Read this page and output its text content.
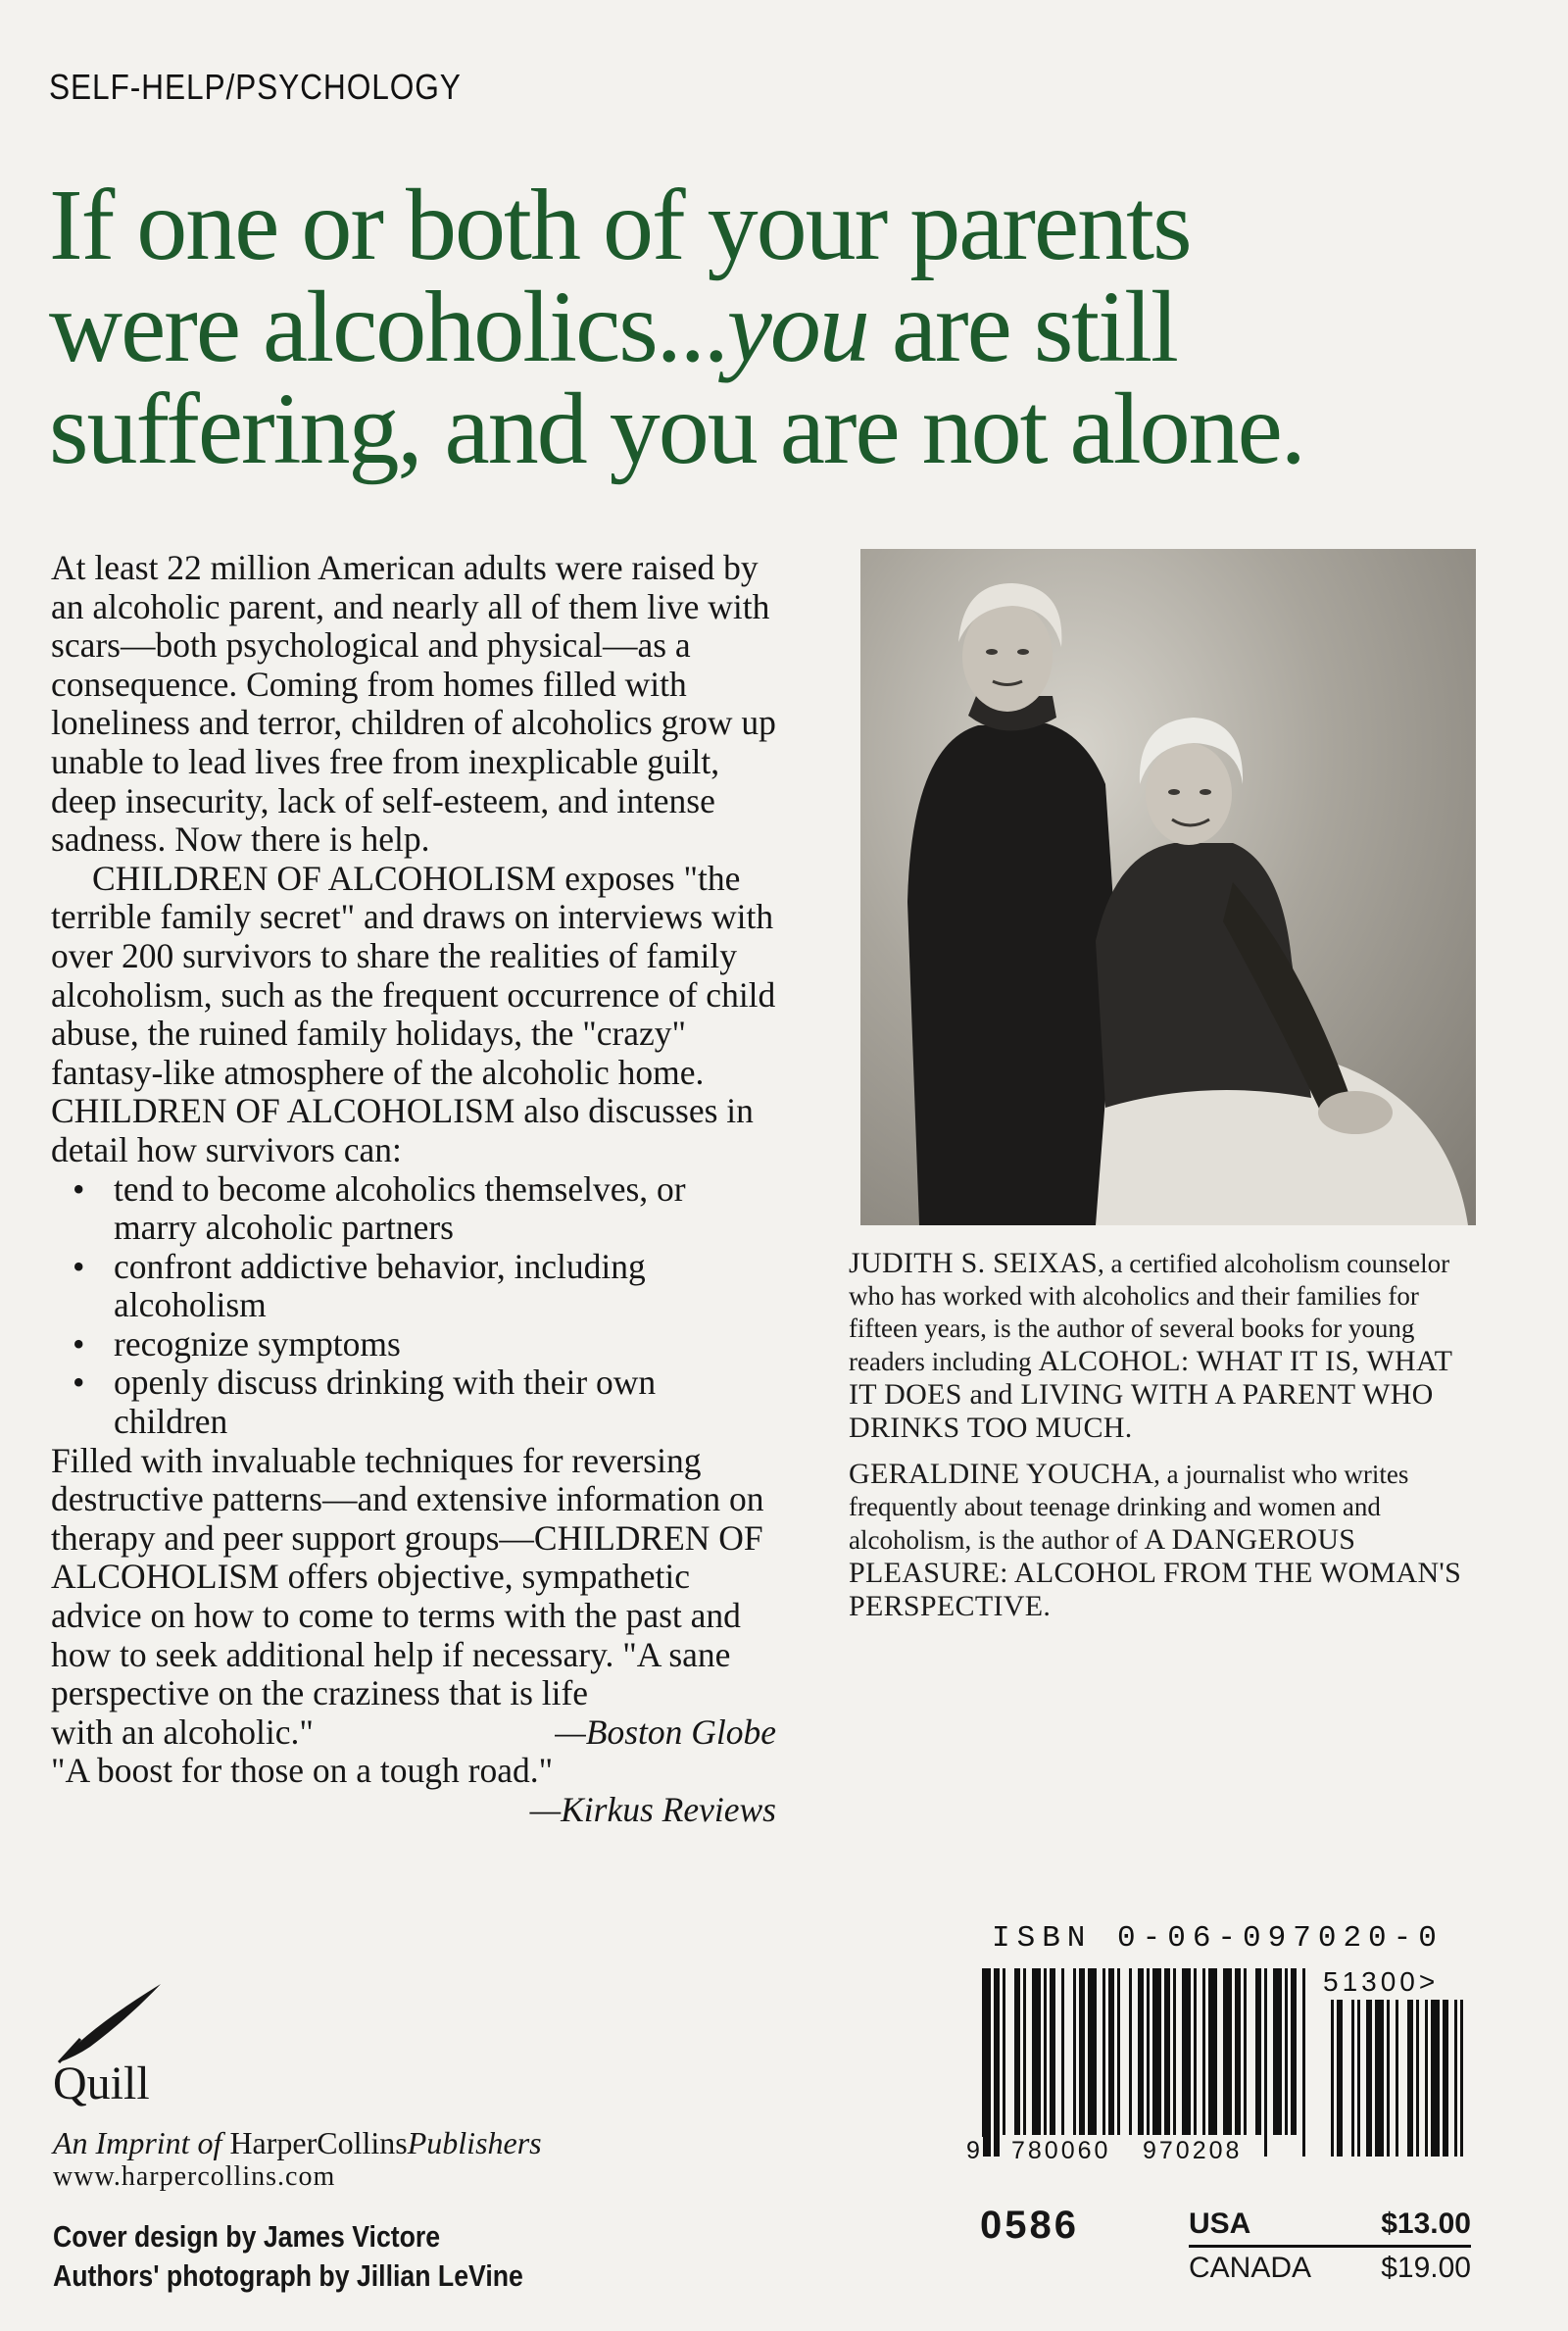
SELF-HELP/PSYCHOLOGY
If one or both of your parents
were alcoholics...you are still
suffering, and you are not alone.

At least 22 million American adults were raised by an alcoholic parent, and nearly all of them live with scars—both psychological and physical—as a consequence. Coming from homes filled with loneliness and terror, children of alcoholics grow up unable to lead lives free from inexplicable guilt, deep insecurity, lack of self-esteem, and intense sadness. Now there is help.

CHILDREN OF ALCOHOLISM exposes "the terrible family secret" and draws on interviews with over 200 survivors to share the realities of family alcoholism, such as the frequent occurrence of child abuse, the ruined family holidays, the "crazy" fantasy-like atmosphere of the alcoholic home. CHILDREN OF ALCOHOLISM also discusses in detail how survivors can:

• tend to become alcoholics themselves, or marry alcoholic partners
• confront addictive behavior, including alcoholism
• recognize symptoms
• openly discuss drinking with their own children

Filled with invaluable techniques for reversing destructive patterns—and extensive information on therapy and peer support groups—CHILDREN OF ALCOHOLISM offers objective, sympathetic advice on how to come to terms with the past and how to seek additional help if necessary. "A sane perspective on the craziness that is life

with an alcoholic."	—Boston Globe

"A boost for those on a tough road."

—Kirkus Reviews

JUDITH S. SEIXAS, a certified alcoholism counselor who has worked with alcoholics and their families for fifteen years, is the author of several books for young readers including ALCOHOL: WHAT IT IS, WHAT IT DOES and LIVING WITH A PARENT WHO DRINKS TOO MUCH.

GERALDINE YOUCHA, a journalist who writes frequently about teenage drinking and women and alcoholism, is the author of A DANGEROUS PLEASURE: ALCOHOL FROM THE WOMAN'S PERSPECTIVE.

ISBN 0-06-097020-0
51300>
9 780060 970208
0586	USA	$13.00
CANADA $19.00
Quill
An Imprint of HarperCollinsPublishers
www.harpercollins.com
Cover design by James Victore
Authors' photograph by Jillian LeVine
